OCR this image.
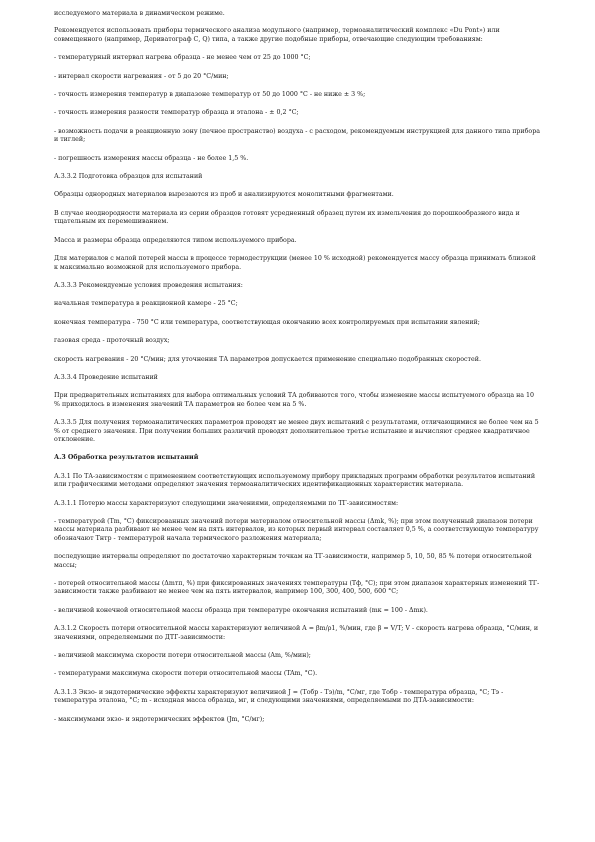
исследуемого материала в динамическом режиме.

Рекомендуется использовать приборы термического анализа модульного (например, термоаналитический комплекс «Du Pont») или совмещенного (например, Дериватограф С, Q) типа, а также другие подобные приборы, отвечающие следующим требованиям:

- температурный интервал нагрева образца - не менее чем от 25 до 1000 °С;

- интервал скорости нагревания - от 5 до 20 °С/мин;

- точность измерения температур в диапазоне температур от 50 до 1000 °С - не ниже ± 3 %;

- точность измерения разности температур образца и эталона - ± 0,2 °С;

- возможность подачи в реакционную зону (печное пространство) воздуха - с расходом, рекомендуемым инструкцией для данного типа прибора и тиглей;

- погрешность измерения массы образца - не более 1,5 %.

А.3.3.2 Подготовка образцов для испытаний

Образцы однородных материалов вырезаются из проб и анализируются монолитными фрагментами.

В случае неоднородности материала из серии образцов готовят усредненный образец путем их измельчения до порошкообразного вида и тщательным их перемешиванием.

Масса и размеры образца определяются типом используемого прибора.

Для материалов с малой потерей массы в процессе термодеструкции (менее 10 % исходной) рекомендуется массу образца принимать близкой к максимально возможной для используемого прибора.

А.3.3.3 Рекомендуемые условия проведения испытания:

начальная температура в реакционной камере - 25 °С;

конечная температура - 750 °С или температура, соответствующая окончанию всех контролируемых при испытании явлений;

газовая среда - проточный воздух;

скорость нагревания - 20 °С/мин; для уточнения ТА параметров допускается применение специально подобранных скоростей.

А.3.3.4 Проведение испытаний

При предварительных испытаниях для выбора оптимальных условий ТА добиваются того, чтобы изменение массы испытуемого образца на 10 % приходилось в изменения значений ТА параметров не более чем на 5 %.

А.3.3.5 Для получения термоаналитических параметров проводят не менее двух испытаний с результатами, отличающимися не более чем на 5 % от среднего значения. При получении больших различий проводят дополнительное третье испытание и вычисляют среднее квадратичное отклонение.

А.3 Обработка результатов испытаний

А.3.1 По ТА-зависимостям с применением соответствующих используемому прибору прикладных программ обработки результатов испытаний или графическими методами определяют значения термоаналитических идентификационных характеристик материала.

А.3.1.1 Потерю массы характеризуют следующими значениями, определяемыми по ТГ-зависимостям:

- температурой (Tm, °С) фиксированных значений потери материалом относительной массы (Δmk, %); при этом полученный диапазон потери массы материала разбивают не менее чем на пять интервалов, из которых первый интервал составляет 0,5 %, а соответствующую температуру обозначают Tнтр - температурой начала термического разложения материала;

последующие интервалы определяют по достаточно характерным точкам на ТГ-зависимости, например 5, 10, 50, 85 % потери относительной массы;

- потерей относительной массы (Δmтп, %) при фиксированных значениях температуры (Tф, °С); при этом диапазон характерных изменений ТГ-зависимости также разбивают не менее чем на пять интервалов, например 100, 300, 400, 500, 600 °С;

- величиной конечной относительной массы образца при температуре окончания испытаний (mк = 100 - Δmк).

А.3.1.2 Скорость потери относительной массы характеризуют величиной A = βm/ρ1, %/мин, где β = V/T; V - скорость нагрева образца, °С/мин, и значениями, определяемыми по ДТГ-зависимости:

- величиной максимума скорости потери относительной массы (Am, %/мин);

- температурами максимума скорости потери относительной массы (TAm, °С).

А.3.1.3 Экзо- и эндотермические эффекты характеризуют величиной J = (Tобр - Tэ)/m, °С/мг, где Tобр - температура образца, °С; Tэ - температура эталона, °С; m - исходная масса образца, мг, и следующими значениями, определяемыми по ДТА-зависимости:

- максимумами экзо- и эндотермических эффектов (Jm, °С/мг);
